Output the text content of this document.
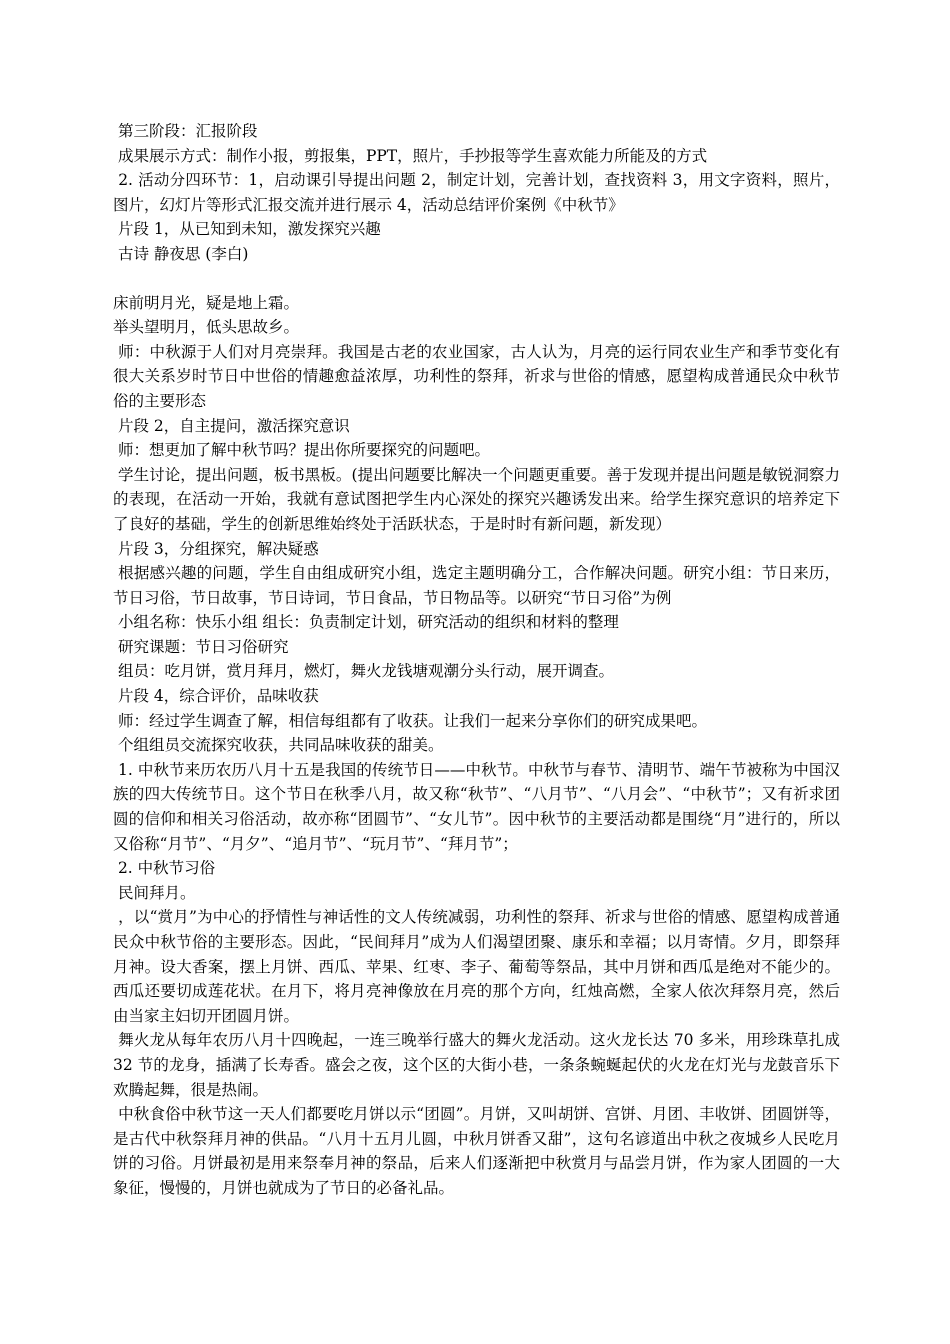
第三阶段：汇报阶段

成果展示方式：制作小报，剪报集，PPT，照片，手抄报等学生喜欢能力所能及的方式

2. 活动分四环节：1，启动课引导提出问题 2，制定计划，完善计划，查找资料 3，用文字资料，照片，图片，幻灯片等形式汇报交流并进行展示 4，活动总结评价案例《中秋节》

片段 1，从已知到未知，激发探究兴趣

古诗 静夜思 (李白)

床前明月光，疑是地上霜。

举头望明月，低头思故乡。

师：中秋源于人们对月亮崇拜。我国是古老的农业国家，古人认为，月亮的运行同农业生产和季节变化有很大关系岁时节日中世俗的情趣愈益浓厚，功利性的祭拜，祈求与世俗的情感，愿望构成普通民众中秋节俗的主要形态

片段 2，自主提问，激活探究意识

师：想更加了解中秋节吗？提出你所要探究的问题吧。

学生讨论，提出问题，板书黑板。(提出问题要比解决一个问题更重要。善于发现并提出问题是敏锐洞察力的表现，在活动一开始，我就有意试图把学生内心深处的探究兴趣诱发出来。给学生探究意识的培养定下了良好的基础，学生的创新思维始终处于活跃状态，于是时时有新问题，新发现）

片段 3，分组探究，解决疑惑

根据感兴趣的问题，学生自由组成研究小组，选定主题明确分工，合作解决问题。研究小组：节日来历，节日习俗，节日故事，节日诗词，节日食品，节日物品等。以研究“节日习俗”为例

小组名称：快乐小组 组长：负责制定计划，研究活动的组织和材料的整理

研究课题：节日习俗研究

组员：吃月饼，赏月拜月，燃灯，舞火龙钱塘观潮分头行动，展开调查。

片段 4，综合评价，品味收获

师：经过学生调查了解，相信每组都有了收获。让我们一起来分享你们的研究成果吧。

个组组员交流探究收获，共同品味收获的甜美。

1. 中秋节来历农历八月十五是我国的传统节日——中秋节。中秋节与春节、清明节、端午节被称为中国汉族的四大传统节日。这个节日在秋季八月，故又称“秋节”、“八月节”、“八月会”、“中秋节”；又有祈求团圆的信仰和相关习俗活动，故亦称“团圆节”、“女儿节”。因中秋节的主要活动都是围绕“月”进行的，所以又俗称“月节”、“月夕”、“追月节”、“玩月节”、“拜月节”；

2. 中秋节习俗

民间拜月。

，以“赏月”为中心的抒情性与神话性的文人传统减弱，功利性的祭拜、祈求与世俗的情感、愿望构成普通民众中秋节俗的主要形态。因此，“民间拜月”成为人们渴望团聚、康乐和幸福；以月寄情。夕月，即祭拜月神。设大香案，摆上月饼、西瓜、苹果、红枣、李子、葡萄等祭品，其中月饼和西瓜是绝对不能少的。西瓜还要切成莲花状。在月下，将月亮神像放在月亮的那个方向，红烛高燃，全家人依次拜祭月亮，然后由当家主妇切开团圆月饼。

舞火龙从每年农历八月十四晚起，一连三晚举行盛大的舞火龙活动。这火龙长达 70 多米，用珍珠草扎成 32 节的龙身，插满了长寿香。盛会之夜，这个区的大街小巷，一条条蜿蜒起伏的火龙在灯光与龙鼓音乐下欢腾起舞，很是热闹。

中秋食俗中秋节这一天人们都要吃月饼以示“团圆”。月饼，又叫胡饼、宫饼、月团、丰收饼、团圆饼等，是古代中秋祭拜月神的供品。“八月十五月儿圆，中秋月饼香又甜”，这句名谚道出中秋之夜城乡人民吃月饼的习俗。月饼最初是用来祭奉月神的祭品，后来人们逐渐把中秋赏月与品尝月饼，作为家人团圆的一大象征，慢慢的，月饼也就成为了节日的必备礼品。
